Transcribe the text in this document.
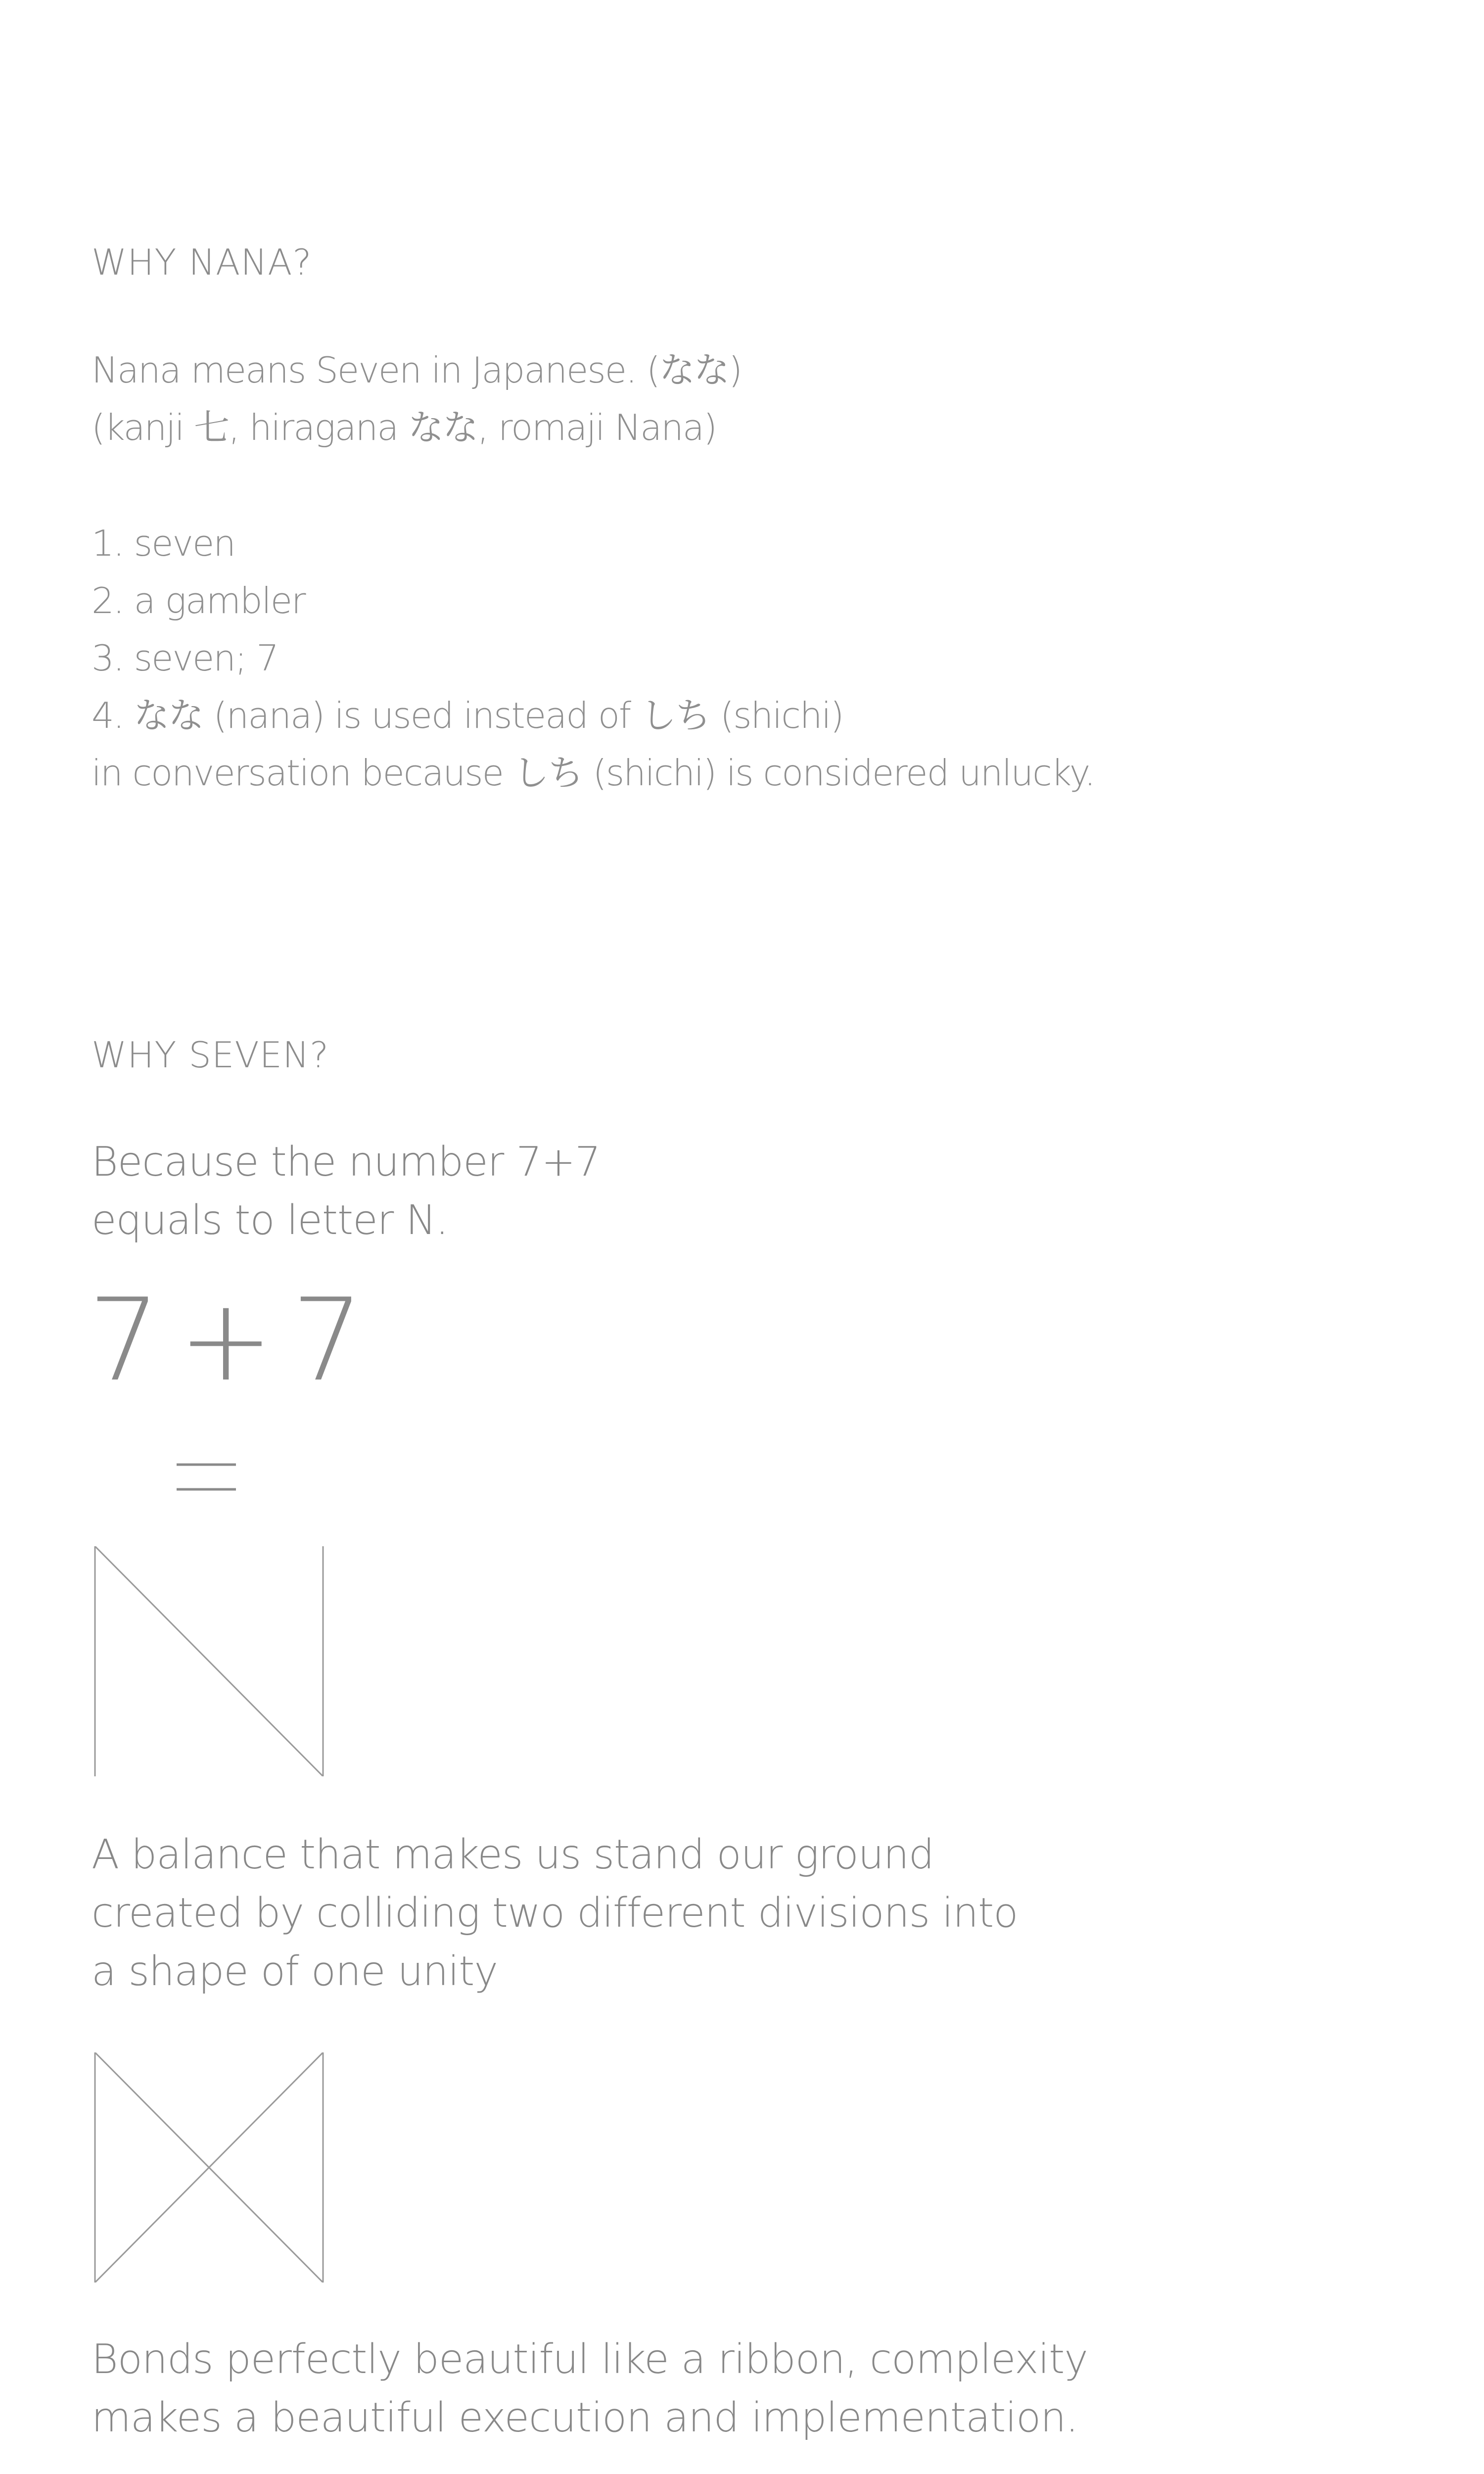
WHY NANA?
Nana means Seven in Japanese. (なな)
(kanji 七, hiragana なな, romaji Nana)
1. seven
2. a gambler
3. seven; 7
4. なな (nana) is used instead of しち (shichi)
in conversation because しち (shichi) is considered unlucky.
WHY SEVEN?
Because the number 7+7
equals to letter N.
7 + 7
A balance that makes us stand our ground
created by colliding two different divisions into
a shape of one unity
Bonds perfectly beautiful like a ribbon, complexity
makes a beautiful execution and implementation.
